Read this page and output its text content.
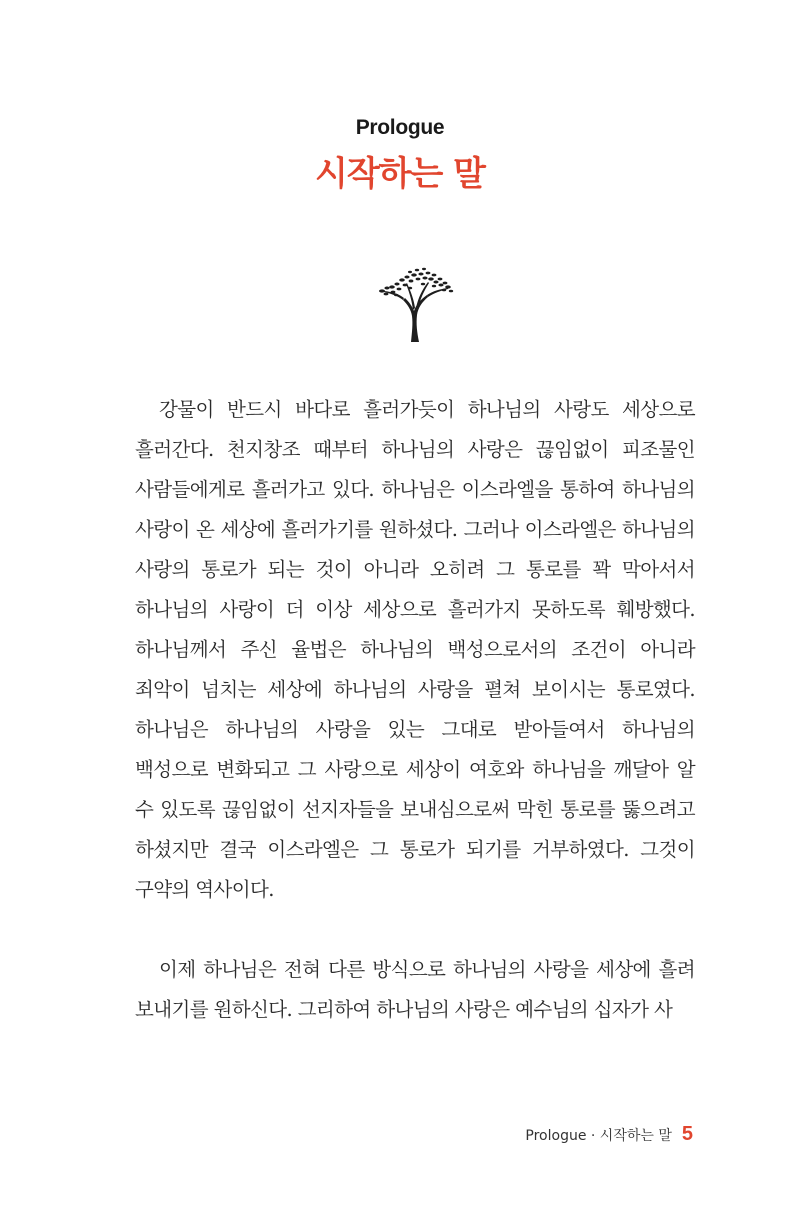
Prologue
시작하는 말

강물이 반드시 바다로 흘러가듯이 하나님의 사랑도 세상으로 흘러간다. 천지창조 때부터 하나님의 사랑은 끊임없이 피조물인 사람들에게로 흘러가고 있다. 하나님은 이스라엘을 통하여 하나님의 사랑이 온 세상에 흘러가기를 원하셨다. 그러나 이스라엘은 하나님의 사랑의 통로가 되는 것이 아니라 오히려 그 통로를 꽉 막아서서 하나님의 사랑이 더 이상 세상으로 흘러가지 못하도록 훼방했다. 하나님께서 주신 율법은 하나님의 백성으로서의 조건이 아니라 죄악이 넘치는 세상에 하나님의 사랑을 펼쳐 보이시는 통로였다. 하나님은 하나님의 사랑을 있는 그대로 받아들여서 하나님의 백성으로 변화되고 그 사랑으로 세상이 여호와 하나님을 깨달아 알 수 있도록 끊임없이 선지자들을 보내심으로써 막힌 통로를 뚫으려고 하셨지만 결국 이스라엘은 그 통로가 되기를 거부하였다. 그것이 구약의 역사이다.

이제 하나님은 전혀 다른 방식으로 하나님의 사랑을 세상에 흘려 보내기를 원하신다. 그리하여 하나님의 사랑은 예수님의 십자가 사

Prologue · 시작하는 말 5
